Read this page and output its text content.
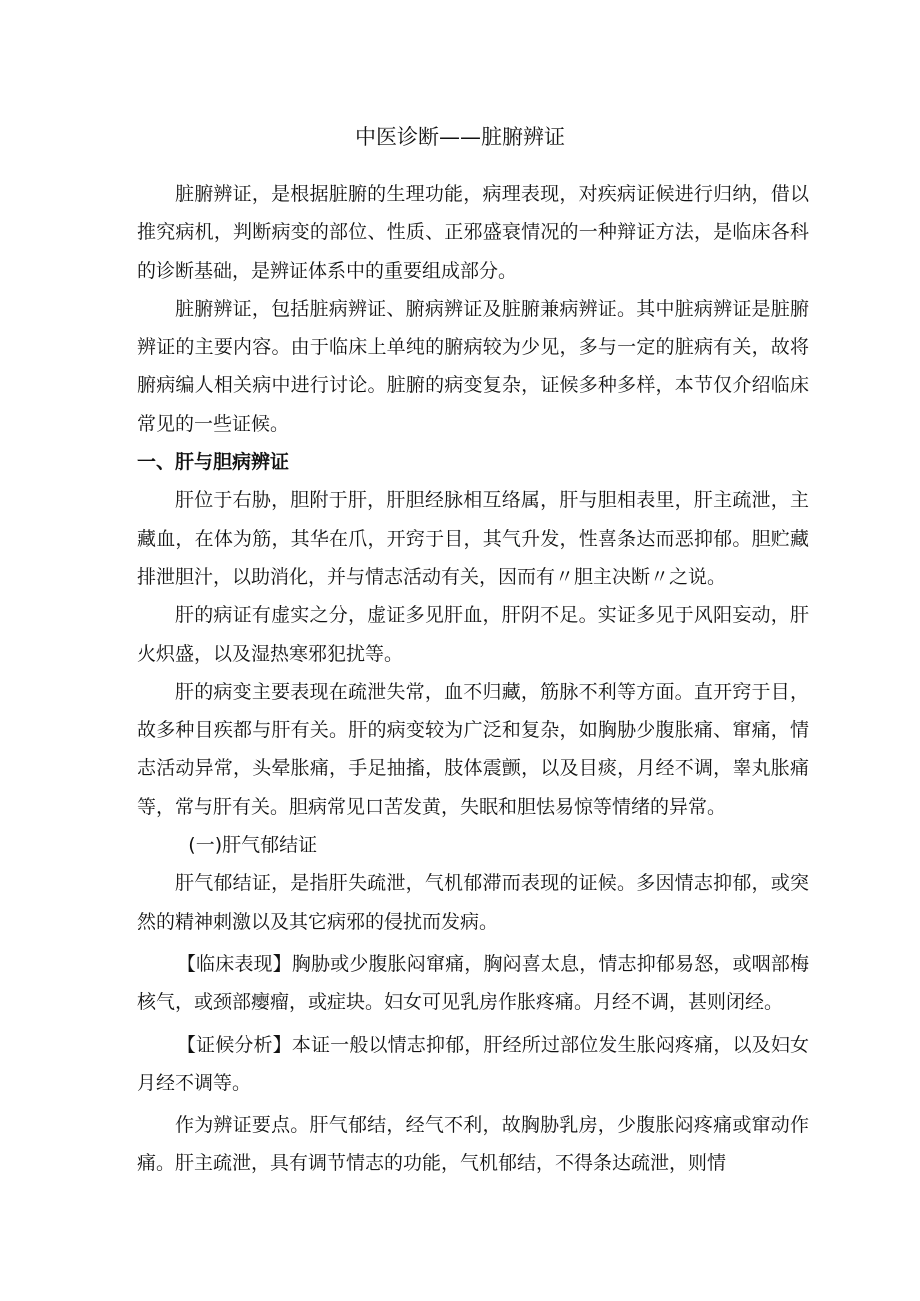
中医诊断——脏腑辨证

脏腑辨证，是根据脏腑的生理功能，病理表现，对疾病证候进行归纳，借以推究病机，判断病变的部位、性质、正邪盛衰情况的一种辩证方法，是临床各科的诊断基础，是辨证体系中的重要组成部分。

脏腑辨证，包括脏病辨证、腑病辨证及脏腑兼病辨证。其中脏病辨证是脏腑辨证的主要内容。由于临床上单纯的腑病较为少见，多与一定的脏病有关，故将腑病编人相关病中进行讨论。脏腑的病变复杂，证候多种多样，本节仅介绍临床常见的一些证候。

一、肝与胆病辨证

肝位于右胁，胆附于肝，肝胆经脉相互络属，肝与胆相表里，肝主疏泄，主藏血，在体为筋，其华在爪，开窍于目，其气升发，性喜条达而恶抑郁。胆贮藏排泄胆汁，以助消化，并与情志活动有关，因而有〃胆主决断〃之说。

肝的病证有虚实之分，虚证多见肝血，肝阴不足。实证多见于风阳妄动，肝火炽盛，以及湿热寒邪犯扰等。

肝的病变主要表现在疏泄失常，血不归藏，筋脉不利等方面。直开窍于目，故多种目疾都与肝有关。肝的病变较为广泛和复杂，如胸胁少腹胀痛、窜痛，情志活动异常，头晕胀痛，手足抽搐，肢体震颤，以及目痰，月经不调，睾丸胀痛等，常与肝有关。胆病常见口苦发黄，失眠和胆怯易惊等情绪的异常。

(一)肝气郁结证

肝气郁结证，是指肝失疏泄，气机郁滞而表现的证候。多因情志抑郁，或突然的精神刺激以及其它病邪的侵扰而发病。

【临床表现】胸胁或少腹胀闷窜痛，胸闷喜太息，情志抑郁易怒，或咽部梅核气，或颈部瘿瘤，或症块。妇女可见乳房作胀疼痛。月经不调，甚则闭经。

【证候分析】本证一般以情志抑郁，肝经所过部位发生胀闷疼痛，以及妇女月经不调等。

作为辨证要点。肝气郁结，经气不利，故胸胁乳房，少腹胀闷疼痛或窜动作痛。肝主疏泄，具有调节情志的功能，气机郁结，不得条达疏泄，则情
